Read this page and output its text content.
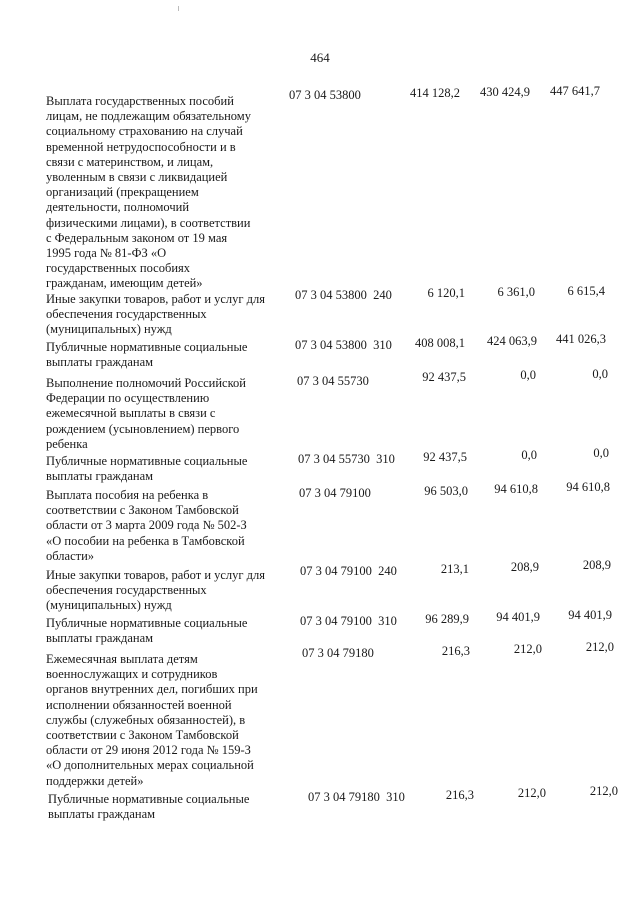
464
Выплата государственных пособий
лицам, не подлежащим обязательному
социальному страхованию на случай
временной нетрудоспособности и в
связи с материнством, и лицам,
уволенным в связи с ликвидацией
организаций (прекращением
деятельности, полномочий
физическими лицами), в соответствии
с Федеральным законом от 19 мая
1995 года № 81-ФЗ «О
государственных пособиях
гражданам, имеющим детей»
07 3 04 53800	414 128,2	430 424,9	447 641,7
Иные закупки товаров, работ и услуг для
обеспечения государственных
(муниципальных) нужд
07 3 04 53800  240	6 120,1	6 361,0	6 615,4
Публичные нормативные социальные
выплаты гражданам
07 3 04 53800  310	408 008,1	424 063,9	441 026,3
Выполнение полномочий Российской
Федерации по осуществлению
ежемесячной выплаты в связи с
рождением (усыновлением) первого
ребенка
07 3 04 55730	92 437,5	0,0	0,0
Публичные нормативные социальные
выплаты гражданам
07 3 04 55730  310	92 437,5	0,0	0,0
Выплата пособия на ребенка в
соответствии с Законом Тамбовской
области от 3 марта 2009 года № 502-З
«О пособии на ребенка в Тамбовской
области»
07 3 04 79100	96 503,0	94 610,8	94 610,8
Иные закупки товаров, работ и услуг для
обеспечения государственных
(муниципальных) нужд
07 3 04 79100  240	213,1	208,9	208,9
Публичные нормативные социальные
выплаты гражданам
07 3 04 79100  310	96 289,9	94 401,9	94 401,9
Ежемесячная выплата детям
военнослужащих и сотрудников
органов внутренних дел, погибших при
исполнении обязанностей военной
службы (служебных обязанностей), в
соответствии с Законом Тамбовской
области от 29 июня 2012 года № 159-З
«О дополнительных мерах социальной
поддержки детей»
07 3 04 79180	216,3	212,0	212,0
Публичные нормативные социальные
выплаты гражданам
07 3 04 79180  310	216,3	212,0	212,0
